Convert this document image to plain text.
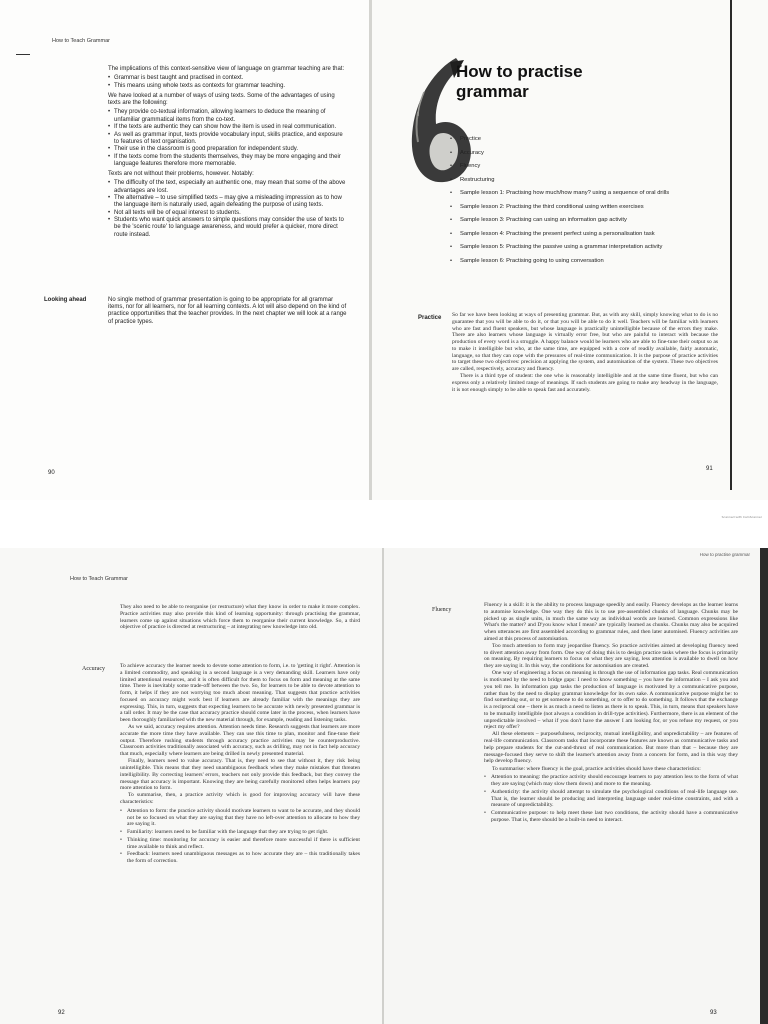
Scanned with CamScanner
How to Teach Grammar

The implications of this context-sensitive view of language on grammar teaching are that:

• Grammar is best taught and practised in context.
• This means using whole texts as contexts for grammar teaching.

We have looked at a number of ways of using texts. Some of the advantages of using texts are the following:

• They provide co-textual information, allowing learners to deduce the meaning of unfamiliar grammatical items from the co-text.
• If the texts are authentic they can show how the item is used in real communication.
• As well as grammar input, texts provide vocabulary input, skills practice, and exposure to features of text organisation.
• Their use in the classroom is good preparation for independent study.
• If the texts come from the students themselves, they may be more engaging and their language features therefore more memorable.

Texts are not without their problems, however. Notably:

• The difficulty of the text, especially an authentic one, may mean that some of the above advantages are lost.
• The alternative – to use simplified texts – may give a misleading impression as to how the language item is naturally used, again defeating the purpose of using texts.
• Not all texts will be of equal interest to students.
• Students who want quick answers to simple questions may consider the use of texts to be the 'scenic route' to language awareness, and would prefer a quicker, more direct route instead.
Looking ahead	No single method of grammar presentation is going to be appropriate for all grammar items, nor for all learners, nor for all learning contexts. A lot will also depend on the kind of practice opportunities that the teacher provides. In the next chapter we will look at a range of practice types.
90
How to practise
grammar
• Practice
• Accuracy
• Fluency
• Restructuring
• Sample lesson 1: Practising how much/how many? using a sequence of oral drills
• Sample lesson 2: Practising the third conditional using written exercises
• Sample lesson 3: Practising can using an information gap activity
• Sample lesson 4: Practising the present perfect using a personalisation task
• Sample lesson 5: Practising the passive using a grammar interpretation activity
• Sample lesson 6: Practising going to using conversation
Practice So far we have been looking at ways of presenting grammar. But, as with any skill, simply knowing what to do is no guarantee that you will be able to do it, or that you will be able to do it well. Teachers will be familiar with learners who are fast and fluent speakers, but whose language is practically unintelligible because of the errors they make. There are also learners whose language is virtually error free, but who are painful to interact with because the production of every word is a struggle. A happy balance would be learners who are able to fine-tune their output so as to make it intelligible but who, at the same time, are equipped with a core of readily available, fairly automatic, language, so that they can cope with the pressures of real-time communication. It is the purpose of practice activities to target these two objectives: precision at applying the system, and automisation of the system. These two objectives are called, respectively, accuracy and fluency.

There is a third type of student: the one who is reasonably intelligible and at the same time fluent, but who can express only a relatively limited range of meanings. If such students are going to make any headway in the language, it is not enough simply to be able to speak fast and accurately.

91
How to Teach Grammar

They also need to be able to reorganise (or restructure) what they know in order to make it more complex. Practice activities may also provide this kind of learning opportunity: through practising the grammar, learners come up against situations which force them to reorganise their current knowledge. So, a third objective of practice is directed at restructuring – at integrating new knowledge into old.

Accuracy	To achieve accuracy the learner needs to devote some attention to form, i.e. to 'getting it right'. Attention is a limited commodity, and speaking in a second language is a very demanding skill. Learners have only limited attentional resources, and it is often difficult for them to focus on form and meaning at the same time. There is inevitably some trade-off between the two. So, for learners to be able to devote attention to form, it helps if they are not worrying too much about meaning. That suggests that practice activities focused on accuracy might work best if learners are already familiar with the meanings they are expressing. This, in turn, suggests that expecting learners to be accurate with newly presented grammar is a tall order. It may be the case that accuracy practice should come later in the process, when learners have been thoroughly familiarised with the new material through, for example, reading and listening tasks.

As we said, accuracy requires attention. Attention needs time. Research suggests that learners are more accurate the more time they have available. They can use this time to plan, monitor and fine-tune their output. Therefore rushing students through accuracy practice activities may be counterproductive. Classroom activities traditionally associated with accuracy, such as drilling, may not in fact help accuracy that much, especially where learners are being drilled in newly presented material.

Finally, learners need to value accuracy. That is, they need to see that without it, they risk being unintelligible. This means that they need unambiguous feedback when they make mistakes that threaten intelligibility. By correcting learners' errors, teachers not only provide this feedback, but they convey the message that accuracy is important. Knowing they are being carefully monitored often helps learners pay more attention to form.

To summarise, then, a practice activity which is good for improving accuracy will have these characteristics:

• Attention to form: the practice activity should motivate learners to want to be accurate, and they should not be so focused on what they are saying that they have no left-over attention to allocate to how they are saying it.
• Familiarity: learners need to be familiar with the language that they are trying to get right.
• Thinking time: monitoring for accuracy is easier and therefore more successful if there is sufficient time available to think and reflect.
• Feedback: learners need unambiguous messages as to how accurate they are – this traditionally takes the form of correction.
92
How to practise grammar
Fluency

Fluency is a skill: it is the ability to process language speedily and easily. Fluency develops as the learner learns to automise knowledge. One way they do this is to use pre-assembled chunks of language. Chunks may be picked up as single units, in much the same way as individual words are learned. Common expressions like What's the matter? and D'you know what I mean? are typically learned as chunks. Chunks may also be acquired when utterances are first assembled according to grammar rules, and then later automised. Fluency activities are aimed at this process of automisation.

Too much attention to form may jeopardise fluency. So practice activities aimed at developing fluency need to divert attention away from form. One way of doing this is to design practice tasks where the focus is primarily on meaning. By requiring learners to focus on what they are saying, less attention is available to dwell on how they are saying it. In this way, the conditions for automisation are created.

One way of engineering a focus on meaning is through the use of information gap tasks. Real communication is motivated by the need to bridge gaps: I need to know something – you have the information – I ask you and you tell me. In information gap tasks the production of language is motivated by a communicative purpose, rather than by the need to display grammar knowledge for its own sake. A communicative purpose might be: to find something out, or to get someone to do something, or to offer to do something. It follows that the exchange is a reciprocal one – there is as much a need to listen as there is to speak. This, in turn, means that speakers have to be mutually intelligible (not always a condition in drill-type activities). Furthermore, there is an element of the unpredictable involved – what if you don't have the answer I am looking for, or you refuse my request, or you reject my offer?

All these elements – purposefulness, reciprocity, mutual intelligibility, and unpredictability – are features of real-life communication. Classroom tasks that incorporate these features are known as communicative tasks and help prepare students for the cut-and-thrust of real communication. But more than that – because they are message-focused they serve to shift the learner's attention away from a concern for form, and in this way they help develop fluency.

To summarise: where fluency is the goal, practice activities should have these characteristics:

• Attention to meaning: the practice activity should encourage learners to pay attention less to the form of what they are saying (which may slow them down) and more to the meaning.
• Authenticity: the activity should attempt to simulate the psychological conditions of real-life language use. That is, the learner should be producing and interpreting language under real-time constraints, and with a measure of unpredictability.
• Communicative purpose: to help meet these last two conditions, the activity should have a communicative purpose. That is, there should be a built-in need to interact.
93
